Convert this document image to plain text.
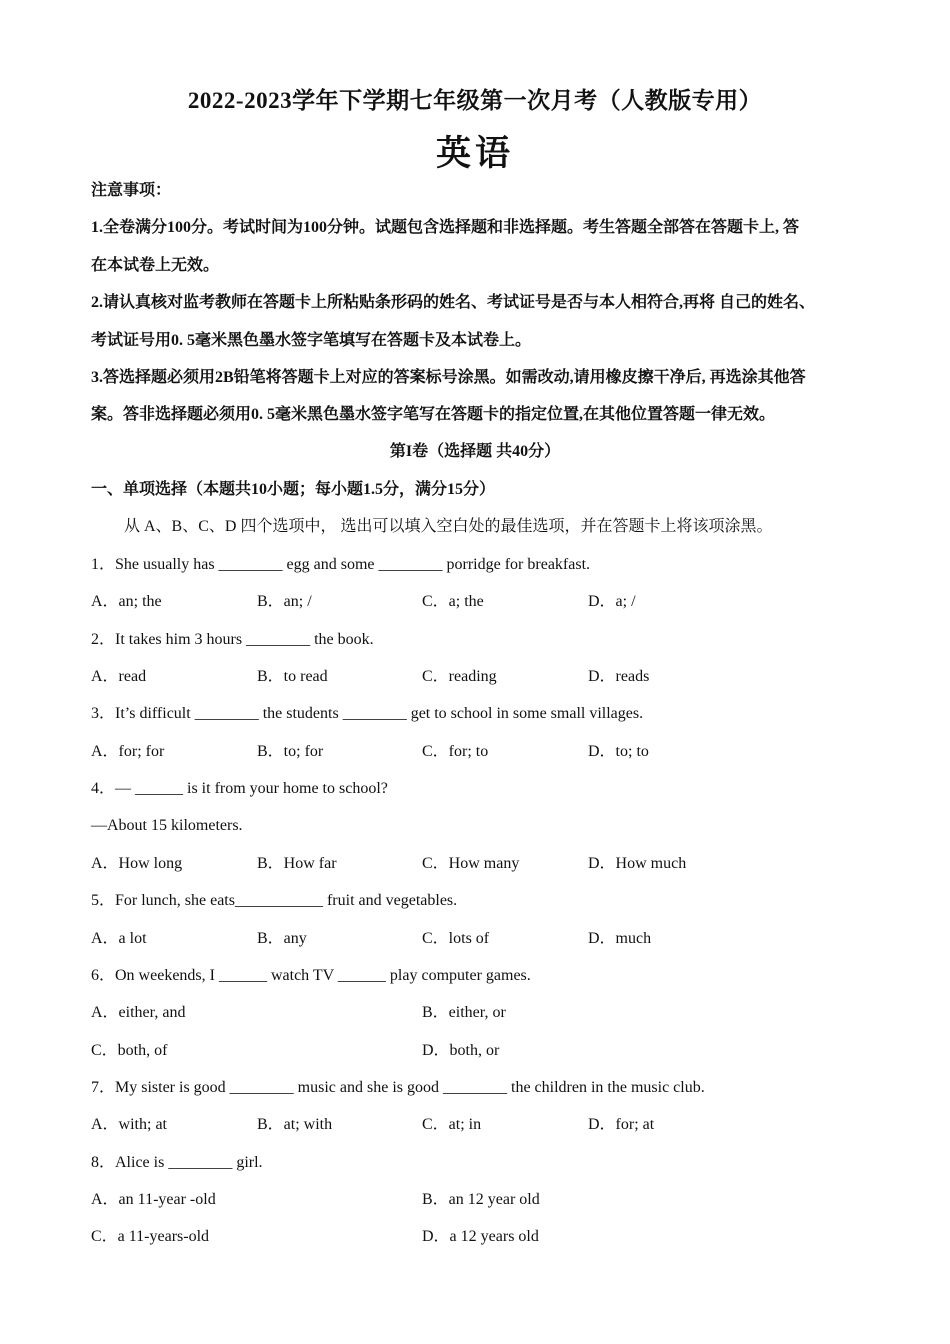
2022-2023学年下学期七年级第一次月考（人教版专用）
英语
注意事项：
1.全卷满分100分。考试时间为100分钟。试题包含选择题和非选择题。考生答题全部答在答题卡上, 答
在本试卷上无效。
2.请认真核对监考教师在答题卡上所粘贴条形码的姓名、考试证号是否与本人相符合,再将 自己的姓名、
考试证号用0. 5毫米黑色墨水签字笔填写在答题卡及本试卷上。
3.答选择题必须用2B铅笔将答题卡上对应的答案标号涂黑。如需改动,请用橡皮擦干净后, 再选涂其他答
案。答非选择题必须用0. 5毫米黑色墨水签字笔写在答题卡的指定位置,在其他位置答题一律无效。
第I卷（选择题 共40分）
一、单项选择（本题共10小题；每小题1.5分，满分15分）
从 A、B、C、D 四个选项中， 选出可以填入空白处的最佳选项，并在答题卡上将该项涂黑。
1．She usually has ________ egg and some ________ porridge for breakfast.
A．an; the	B．an; /	C．a; the	D．a; /
2．It takes him 3 hours ________ the book.
A．read	B．to read	C．reading	D．reads
3．It’s difficult ________ the students ________ get to school in some small villages.
A．for; for	B．to; for	C．for; to	D．to; to
4．— ______ is it from your home to school?
—About 15 kilometers.
A．How long	B．How far	C．How many	D．How much
5．For lunch, she eats___________ fruit and vegetables.
A．a lot	B．any	C．lots of	D．much
6．On weekends, I ______ watch TV ______ play computer games.
A．either, and	B．either, or
C．both, of	D．both, or
7．My sister is good ________ music and she is good ________ the children in the music club.
A．with; at	B．at; with	C．at; in	D．for; at
8．Alice is ________ girl.
A．an 11-year -old	B．an 12 year old
C．a 11-years-old	D．a 12 years old
